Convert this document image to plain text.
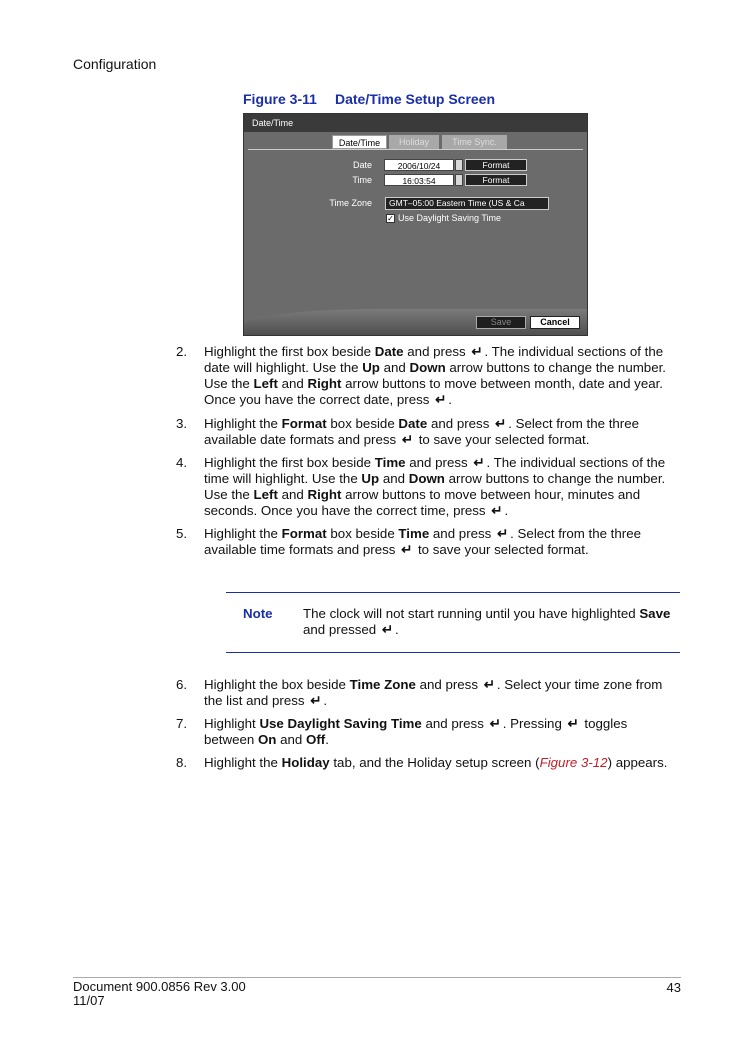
Configuration
Figure 3-11 Date/Time Setup Screen
Date/Time
Date/Time	Holiday	Time Sync.
Date	2006/10/24	Format
Time	16:03:54	Format
Time Zone	GMT–05:00 Eastern Time (US & Ca
✓ Use Daylight Saving Time
Save	Cancel
2. Highlight the first box beside Date and press ↵ . The individual sections of the date will highlight. Use the Up and Down arrow buttons to change the number. Use the Left and Right arrow buttons to move between month, date and year. Once you have the correct date, press ↵ .
3. Highlight the Format box beside Date and press ↵ . Select from the three available date formats and press ↵ to save your selected format.
4. Highlight the first box beside Time and press ↵ . The individual sections of the time will highlight. Use the Up and Down arrow buttons to change the number. Use the Left and Right arrow buttons to move between hour, minutes and seconds. Once you have the correct time, press ↵ .
5. Highlight the Format box beside Time and press ↵ . Select from the three available time formats and press ↵ to save your selected format.
Note The clock will not start running until you have highlighted Save and pressed ↵ .
6. Highlight the box beside Time Zone and press ↵ . Select your time zone from the list and press ↵ .
7. Highlight Use Daylight Saving Time and press ↵ . Pressing ↵ toggles between On and Off.
8. Highlight the Holiday tab, and the Holiday setup screen (Figure 3-12) appears.
Document 900.0856 Rev 3.00
11/07
43
